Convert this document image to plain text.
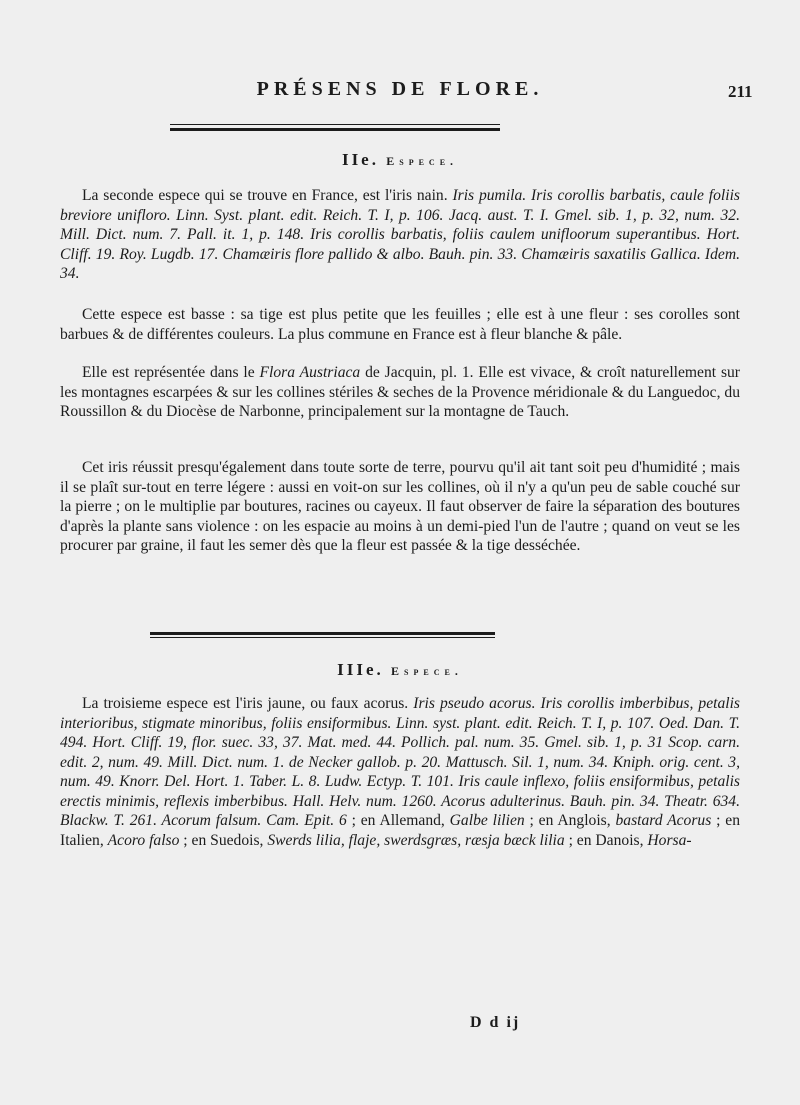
PRÉSENS DE FLORE.	211
IIe. Espece.

La seconde espece qui se trouve en France, est l'iris nain. Iris pumila. Iris corollis barbatis, caule foliis breviore unifloro. Linn. Syst. plant. edit. Reich. T. I, p. 106. Jacq. aust. T. I. Gmel. sib. 1, p. 32, num. 32. Mill. Dict. num. 7. Pall. it. 1, p. 148. Iris corollis barbatis, foliis caulem unifloorum superantibus. Hort. Cliff. 19. Roy. Lugdb. 17. Chamæiris flore pallido & albo. Bauh. pin. 33. Chamæiris saxatilis Gallica. Idem. 34.

Cette espece est basse : sa tige est plus petite que les feuilles ; elle est à une fleur : ses corolles sont barbues & de différentes couleurs. La plus commune en France est à fleur blanche & pâle.

Elle est représentée dans le Flora Austriaca de Jacquin, pl. 1. Elle est vivace, & croît naturellement sur les montagnes escarpées & sur les collines stériles & seches de la Provence méridionale & du Languedoc, du Roussillon & du Diocèse de Narbonne, principalement sur la montagne de Tauch.

Cet iris réussit presqu'également dans toute sorte de terre, pourvu qu'il ait tant soit peu d'humidité ; mais il se plaît sur-tout en terre légere : aussi en voit-on sur les collines, où il n'y a qu'un peu de sable couché sur la pierre ; on le multiplie par boutures, racines ou cayeux. Il faut observer de faire la séparation des boutures d'après la plante sans violence : on les espacie au moins à un demi-pied l'un de l'autre ; quand on veut se les procurer par graine, il faut les semer dès que la fleur est passée & la tige desséchée.

IIIe. Espece.

La troisieme espece est l'iris jaune, ou faux acorus. Iris pseudo acorus. Iris corollis imberbibus, petalis interioribus, stigmate minoribus, foliis ensiformibus. Linn. syst. plant. edit. Reich. T. I, p. 107. Oed. Dan. T. 494. Hort. Cliff. 19, flor. suec. 33, 37. Mat. med. 44. Pollich. pal. num. 35. Gmel. sib. 1, p. 31 Scop. carn. edit. 2, num. 49. Mill. Dict. num. 1. de Necker gallob. p. 20. Mattusch. Sil. 1, num. 34. Kniph. orig. cent. 3, num. 49. Knorr. Del. Hort. 1. Taber. L. 8. Ludw. Ectyp. T. 101. Iris caule inflexo, foliis ensiformibus, petalis erectis minimis, reflexis imberbibus. Hall. Helv. num. 1260. Acorus adulterinus. Bauh. pin. 34. Theatr. 634. Blackw. T. 261. Acorum falsum. Cam. Epit. 6 ; en Allemand, Galbe lilien ; en Anglois, bastard Acorus ; en Italien, Acoro falso ; en Suedois, Swerds lilia, flaje, swerdsgræs, ræsja bæck lilia ; en Danois, Horsa-

D d ij
